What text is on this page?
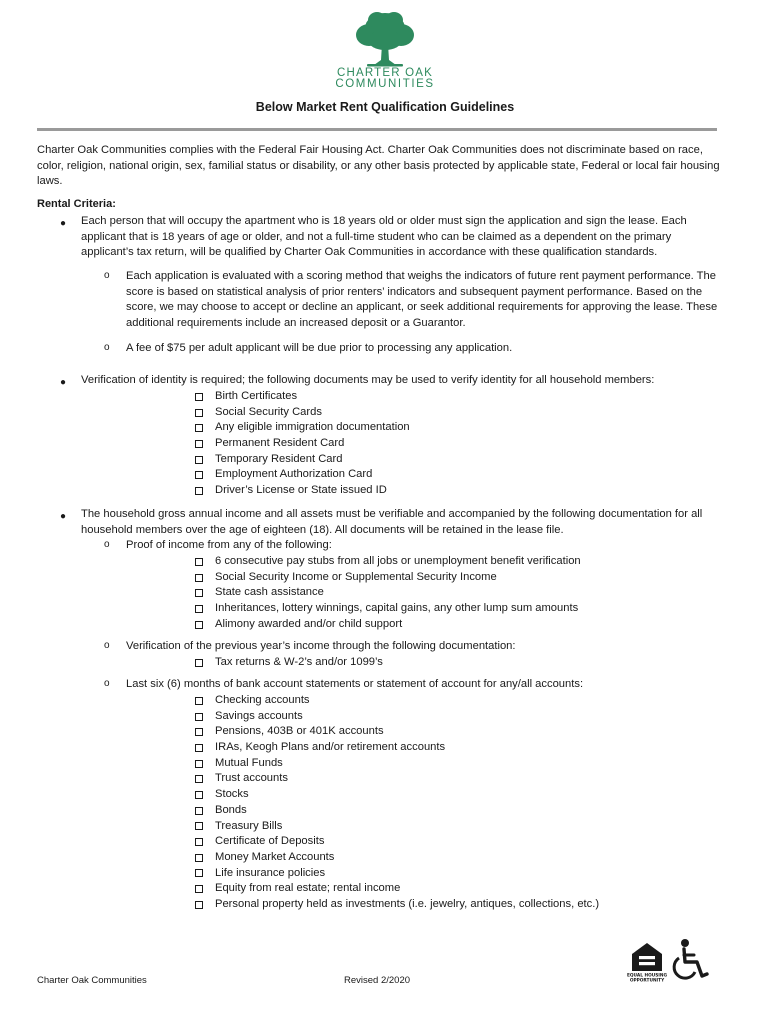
CHARTER OAK
COMMUNITIES
Below Market Rent Qualification Guidelines
Charter Oak Communities complies with the Federal Fair Housing Act. Charter Oak Communities does not discriminate based on race, color, religion, national origin, sex, familial status or disability, or any other basis protected by applicable state, Federal or local fair housing laws.
Rental Criteria:
● Each person that will occupy the apartment who is 18 years old or older must sign the application and sign the lease. Each applicant that is 18 years of age or older, and not a full-time student who can be claimed as a dependent on the primary applicant’s tax return, will be qualified by Charter Oak Communities in accordance with these qualification standards.
o Each application is evaluated with a scoring method that weighs the indicators of future rent payment performance. The score is based on statistical analysis of prior renters’ indicators and subsequent payment performance. Based on the score, we may choose to accept or decline an applicant, or seek additional requirements for approving the lease. These additional requirements include an increased deposit or a Guarantor.
o A fee of $75 per adult applicant will be due prior to processing any application.
● Verification of identity is required; the following documents may be used to verify identity for all household members:
Birth Certificates
Social Security Cards
Any eligible immigration documentation
Permanent Resident Card
Temporary Resident Card
Employment Authorization Card
Driver’s License or State issued ID
● The household gross annual income and all assets must be verifiable and accompanied by the following documentation for all household members over the age of eighteen (18). All documents will be retained in the lease file.
o Proof of income from any of the following:
6 consecutive pay stubs from all jobs or unemployment benefit verification
Social Security Income or Supplemental Security Income
State cash assistance
Inheritances, lottery winnings, capital gains, any other lump sum amounts
Alimony awarded and/or child support
o Verification of the previous year’s income through the following documentation:
Tax returns & W-2’s and/or 1099’s
o Last six (6) months of bank account statements or statement of account for any/all accounts:
Checking accounts
Savings accounts
Pensions, 403B or 401K accounts
IRAs, Keogh Plans and/or retirement accounts
Mutual Funds
Trust accounts
Stocks
Bonds
Treasury Bills
Certificate of Deposits
Money Market Accounts
Life insurance policies
Equity from real estate; rental income
Personal property held as investments (i.e. jewelry, antiques, collections, etc.)
Charter Oak Communities	Revised 2/2020	EQUAL HOUSING
OPPORTUNITY
